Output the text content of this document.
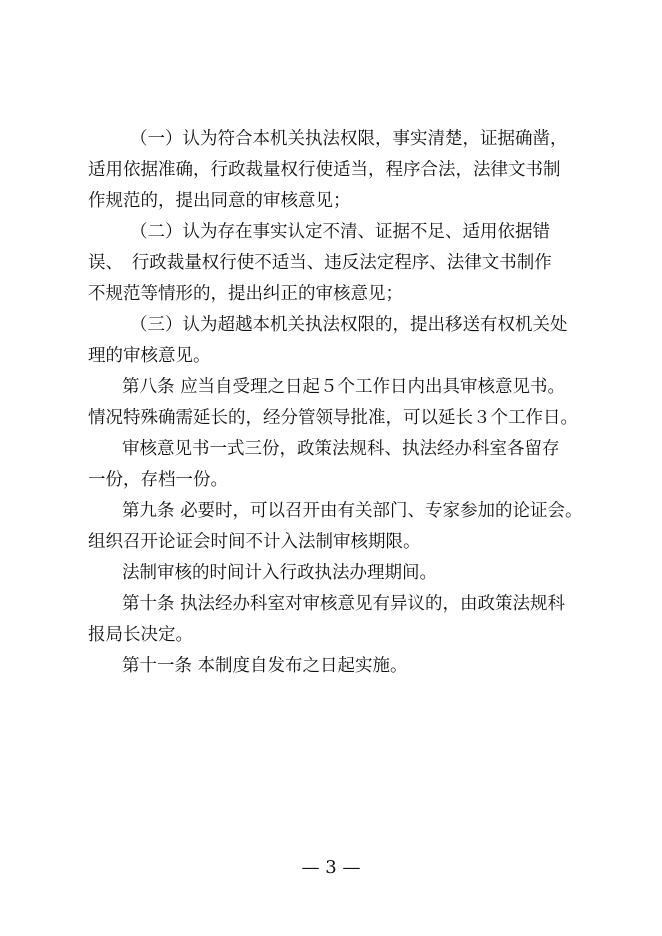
（一）认为符合本机关执法权限，事实清楚，证据确凿，
适用依据准确，行政裁量权行使适当，程序合法，法律文书制
作规范的，提出同意的审核意见；
（二）认为存在事实认定不清、证据不足、适用依据错
误、　行政裁量权行使不适当、违反法定程序、法律文书制作
不规范等情形的，提出纠正的审核意见；
（三）认为超越本机关执法权限的，提出移送有权机关处
理的审核意见。
第八条 应当自受理之日起５个工作日内出具审核意见书。
情况特殊确需延长的，经分管领导批准，可以延长３个工作日。
审核意见书一式三份，政策法规科、执法经办科室各留存
一份，存档一份。
第九条 必要时，可以召开由有关部门、专家参加的论证会。
组织召开论证会时间不计入法制审核期限。
法制审核的时间计入行政执法办理期间。
第十条 执法经办科室对审核意见有异议的，由政策法规科
报局长决定。
第十一条 本制度自发布之日起实施。
— 3 —
